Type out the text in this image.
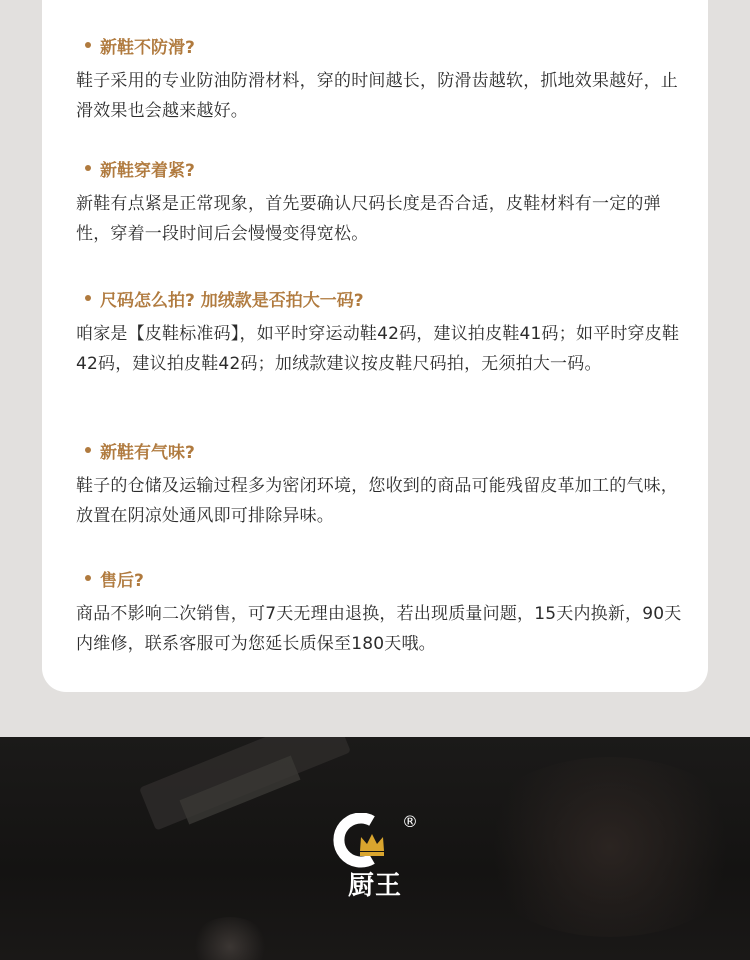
新鞋不防滑?
鞋子采用的专业防油防滑材料，穿的时间越长，防滑齿越软，抓地效果越好，止滑效果也会越来越好。
新鞋穿着紧?
新鞋有点紧是正常现象，首先要确认尺码长度是否合适，皮鞋材料有一定的弹性，穿着一段时间后会慢慢变得宽松。
尺码怎么拍? 加绒款是否拍大一码?
咱家是【皮鞋标准码】，如平时穿运动鞋42码，建议拍皮鞋41码；如平时穿皮鞋42码，建议拍皮鞋42码；加绒款建议按皮鞋尺码拍，无须拍大一码。
新鞋有气味?
鞋子的仓储及运输过程多为密闭环境，您收到的商品可能残留皮革加工的气味，放置在阴凉处通风即可排除异味。
售后?
商品不影响二次销售，可7天无理由退换，若出现质量问题，15天内换新，90天内维修，联系客服可为您延长质保至180天哦。
®
厨王
